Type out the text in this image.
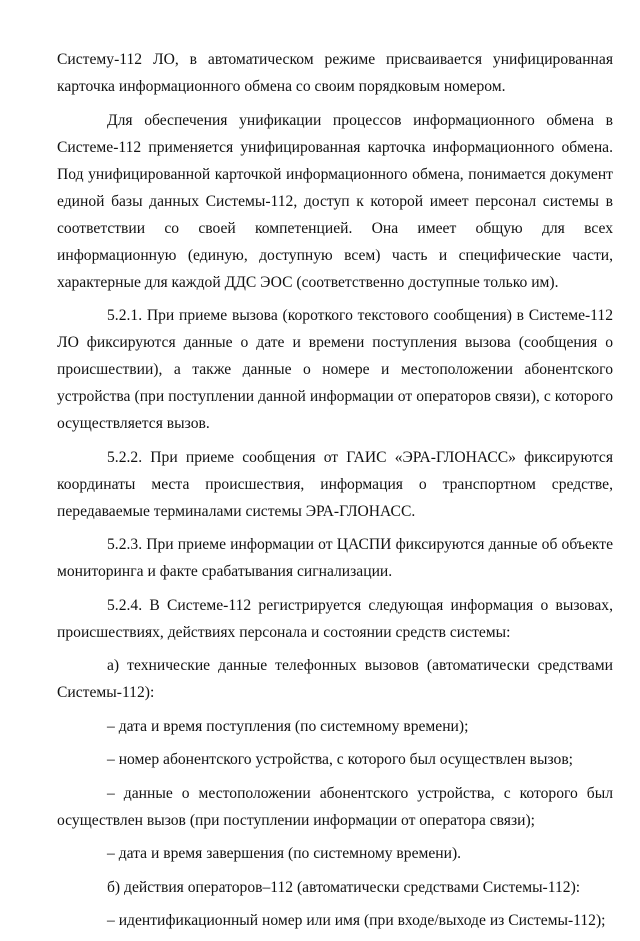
Систему-112 ЛО, в автоматическом режиме присваивается унифицированная карточка информационного обмена со своим порядковым номером.

Для обеспечения унификации процессов информационного обмена в Системе-112 применяется унифицированная карточка информационного обмена. Под унифицированной карточкой информационного обмена, понимается документ единой базы данных Системы-112, доступ к которой имеет персонал системы в соответствии со своей компетенцией. Она имеет общую для всех информационную (единую, доступную всем) часть и специфические части, характерные для каждой ДДС ЭОС (соответственно доступные только им).

5.2.1. При приеме вызова (короткого текстового сообщения) в Системе-112 ЛО фиксируются данные о дате и времени поступления вызова (сообщения о происшествии), а также данные о номере и местоположении абонентского устройства (при поступлении данной информации от операторов связи), с которого осуществляется вызов.

5.2.2. При приеме сообщения от ГАИС «ЭРА-ГЛОНАСС» фиксируются координаты места происшествия, информация о транспортном средстве, передаваемые терминалами системы ЭРА-ГЛОНАСС.

5.2.3. При приеме информации от ЦАСПИ фиксируются данные об объекте мониторинга и факте срабатывания сигнализации.

5.2.4. В Системе-112 регистрируется следующая информация о вызовах, происшествиях, действиях персонала и состоянии средств системы:

а) технические данные телефонных вызовов (автоматически средствами Системы-112):

– дата и время поступления (по системному времени);

– номер абонентского устройства, с которого был осуществлен вызов;

– данные о местоположении абонентского устройства, с которого был осуществлен вызов (при поступлении информации от оператора связи);

– дата и время завершения (по системному времени).

б) действия операторов–112 (автоматически средствами Системы-112):

– идентификационный номер или имя (при входе/выходе из Системы-112);
